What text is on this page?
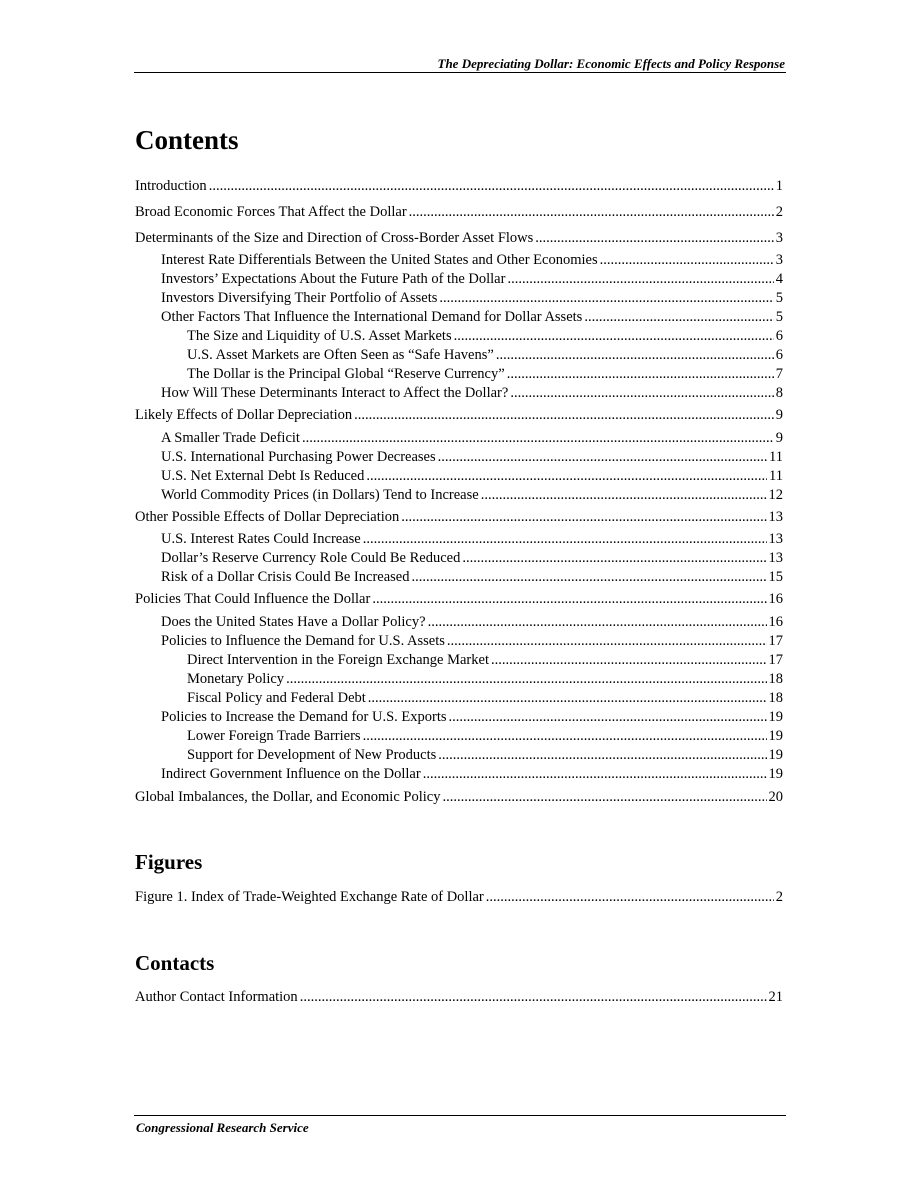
The Depreciating Dollar: Economic Effects and Policy Response
Contents
Introduction .....	1
Broad Economic Forces That Affect the Dollar .....	2
Determinants of the Size and Direction of Cross-Border Asset Flows .....	3
Interest Rate Differentials Between the United States and Other Economies .....	3
Investors’ Expectations About the Future Path of the Dollar .....	4
Investors Diversifying Their Portfolio of Assets .....	5
Other Factors That Influence the International Demand for Dollar Assets .....	5
The Size and Liquidity of U.S. Asset Markets .....	6
U.S. Asset Markets are Often Seen as “Safe Havens” .....	6
The Dollar is the Principal Global “Reserve Currency” .....	7
How Will These Determinants Interact to Affect the Dollar? .....	8
Likely Effects of Dollar Depreciation .....	9
A Smaller Trade Deficit .....	9
U.S. International Purchasing Power Decreases .....	11
U.S. Net External Debt Is Reduced .....	11
World Commodity Prices (in Dollars) Tend to Increase .....	12
Other Possible Effects of Dollar Depreciation .....	13
U.S. Interest Rates Could Increase .....	13
Dollar’s Reserve Currency Role Could Be Reduced .....	13
Risk of a Dollar Crisis Could Be Increased .....	15
Policies That Could Influence the Dollar .....	16
Does the United States Have a Dollar Policy? .....	16
Policies to Influence the Demand for U.S. Assets .....	17
Direct Intervention in the Foreign Exchange Market .....	17
Monetary Policy .....	18
Fiscal Policy and Federal Debt .....	18
Policies to Increase the Demand for U.S. Exports .....	19
Lower Foreign Trade Barriers .....	19
Support for Development of New Products .....	19
Indirect Government Influence on the Dollar .....	19
Global Imbalances, the Dollar, and Economic Policy .....	20
Figures
Figure 1. Index of Trade-Weighted Exchange Rate of Dollar .....	2
Contacts
Author Contact Information .....	21
Congressional Research Service
